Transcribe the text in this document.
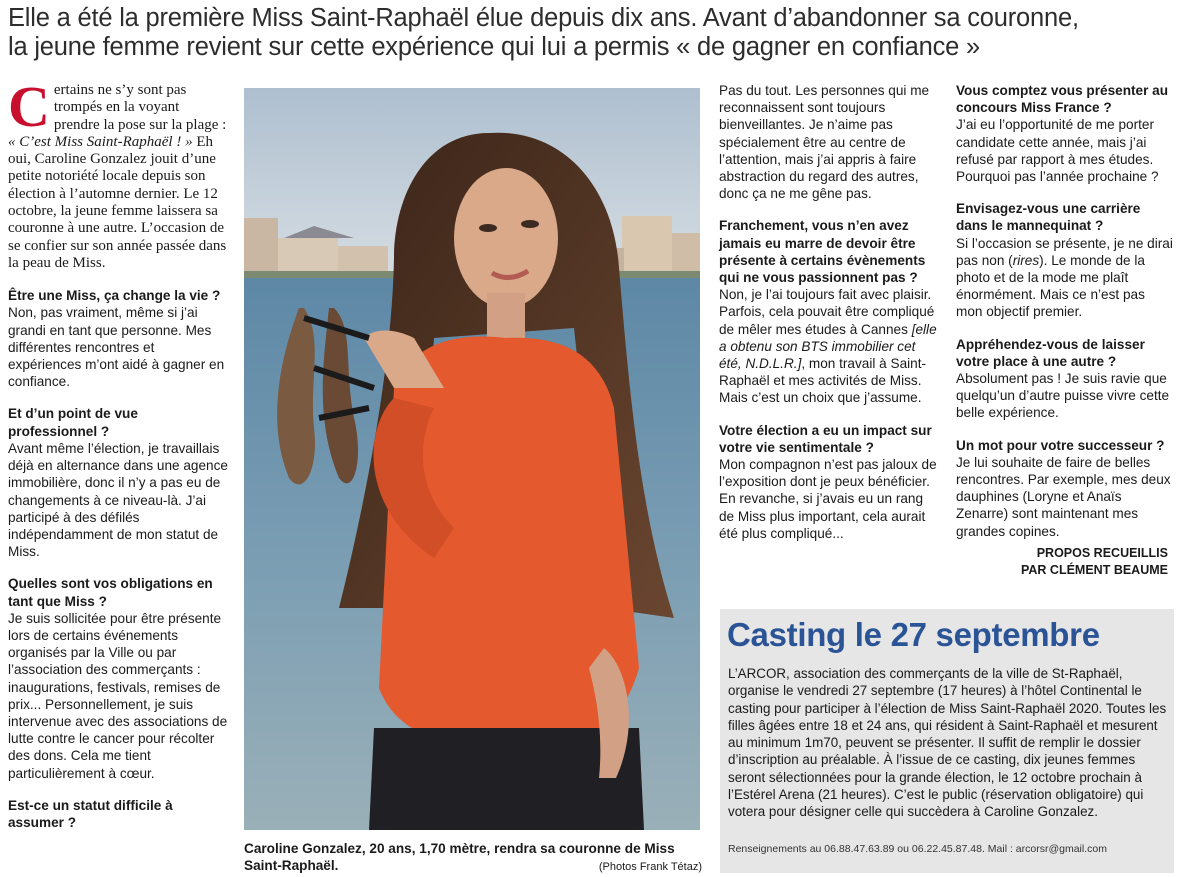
Elle a été la première Miss Saint-Raphaël élue depuis dix ans. Avant d’abandonner sa couronne,
la jeune femme revient sur cette expérience qui lui a permis « de gagner en confiance »

Certains ne s’y sont pas trompés en la voyant prendre la pose sur la plage : « C’est Miss Saint-Raphaël ! » Eh oui, Caroline Gonzalez jouit d’une petite notoriété locale depuis son élection à l’automne dernier. Le 12 octobre, la jeune femme laissera sa couronne à une autre. L’occasion de se confier sur son année passée dans la peau de Miss.

Être une Miss, ça change la vie ?
Non, pas vraiment, même si j’ai grandi en tant que personne. Mes différentes rencontres et expériences m’ont aidé à gagner en confiance.

Et d’un point de vue professionnel ?
Avant même l’élection, je travaillais déjà en alternance dans une agence immobilière, donc il n’y a pas eu de changements à ce niveau-là. J’ai participé à des défilés indépendamment de mon statut de Miss.

Quelles sont vos obligations en tant que Miss ?
Je suis sollicitée pour être présente lors de certains événements organisés par la Ville ou par l’association des commerçants : inaugurations, festivals, remises de prix... Personnellement, je suis intervenue avec des associations de lutte contre le cancer pour récolter des dons. Cela me tient particulièrement à cœur.

Est-ce un statut difficile à assumer ?

Caroline Gonzalez, 20 ans, 1,70 mètre, rendra sa couronne de Miss Saint-Raphaël.	(Photos Frank Tétaz)

Pas du tout. Les personnes qui me reconnaissent sont toujours bienveillantes. Je n’aime pas spécialement être au centre de l’attention, mais j’ai appris à faire abstraction du regard des autres, donc ça ne me gêne pas.

Franchement, vous n’en avez jamais eu marre de devoir être présente à certains évènements qui ne vous passionnent pas ?
Non, je l’ai toujours fait avec plaisir. Parfois, cela pouvait être compliqué de mêler mes études à Cannes [elle a obtenu son BTS immobilier cet été, N.D.L.R.], mon travail à Saint-Raphaël et mes activités de Miss. Mais c’est un choix que j’assume.

Votre élection a eu un impact sur votre vie sentimentale ?
Mon compagnon n’est pas jaloux de l’exposition dont je peux bénéficier. En revanche, si j’avais eu un rang de Miss plus important, cela aurait été plus compliqué...

Vous comptez vous présenter au concours Miss France ?
J’ai eu l’opportunité de me porter candidate cette année, mais j’ai refusé par rapport à mes études. Pourquoi pas l’année prochaine ?

Envisagez-vous une carrière dans le mannequinat ?
Si l’occasion se présente, je ne dirai pas non (rires). Le monde de la photo et de la mode me plaît énormément. Mais ce n’est pas mon objectif premier.

Appréhendez-vous de laisser votre place à une autre ?
Absolument pas ! Je suis ravie que quelqu’un d’autre puisse vivre cette belle expérience.

Un mot pour votre successeur ?
Je lui souhaite de faire de belles rencontres. Par exemple, mes deux dauphines (Loryne et Anaïs Zenarre) sont maintenant mes grandes copines.

PROPOS RECUEILLIS
PAR CLÉMENT BEAUME
Casting le 27 septembre
L’ARCOR, association des commerçants de la ville de St-Raphaël, organise le vendredi 27 septembre (17 heures) à l’hôtel Continental le casting pour participer à l’élection de Miss Saint-Raphaël 2020. Toutes les filles âgées entre 18 et 24 ans, qui résident à Saint-Raphaël et mesurent au minimum 1m70, peuvent se présenter. Il suffit de remplir le dossier d’inscription au préalable. À l’issue de ce casting, dix jeunes femmes seront sélectionnées pour la grande élection, le 12 octobre prochain à l’Estérel Arena (21 heures). C’est le public (réservation obligatoire) qui votera pour désigner celle qui succèdera à Caroline Gonzalez.
Renseignements au 06.88.47.63.89 ou 06.22.45.87.48. Mail : arcorsr@gmail.com
